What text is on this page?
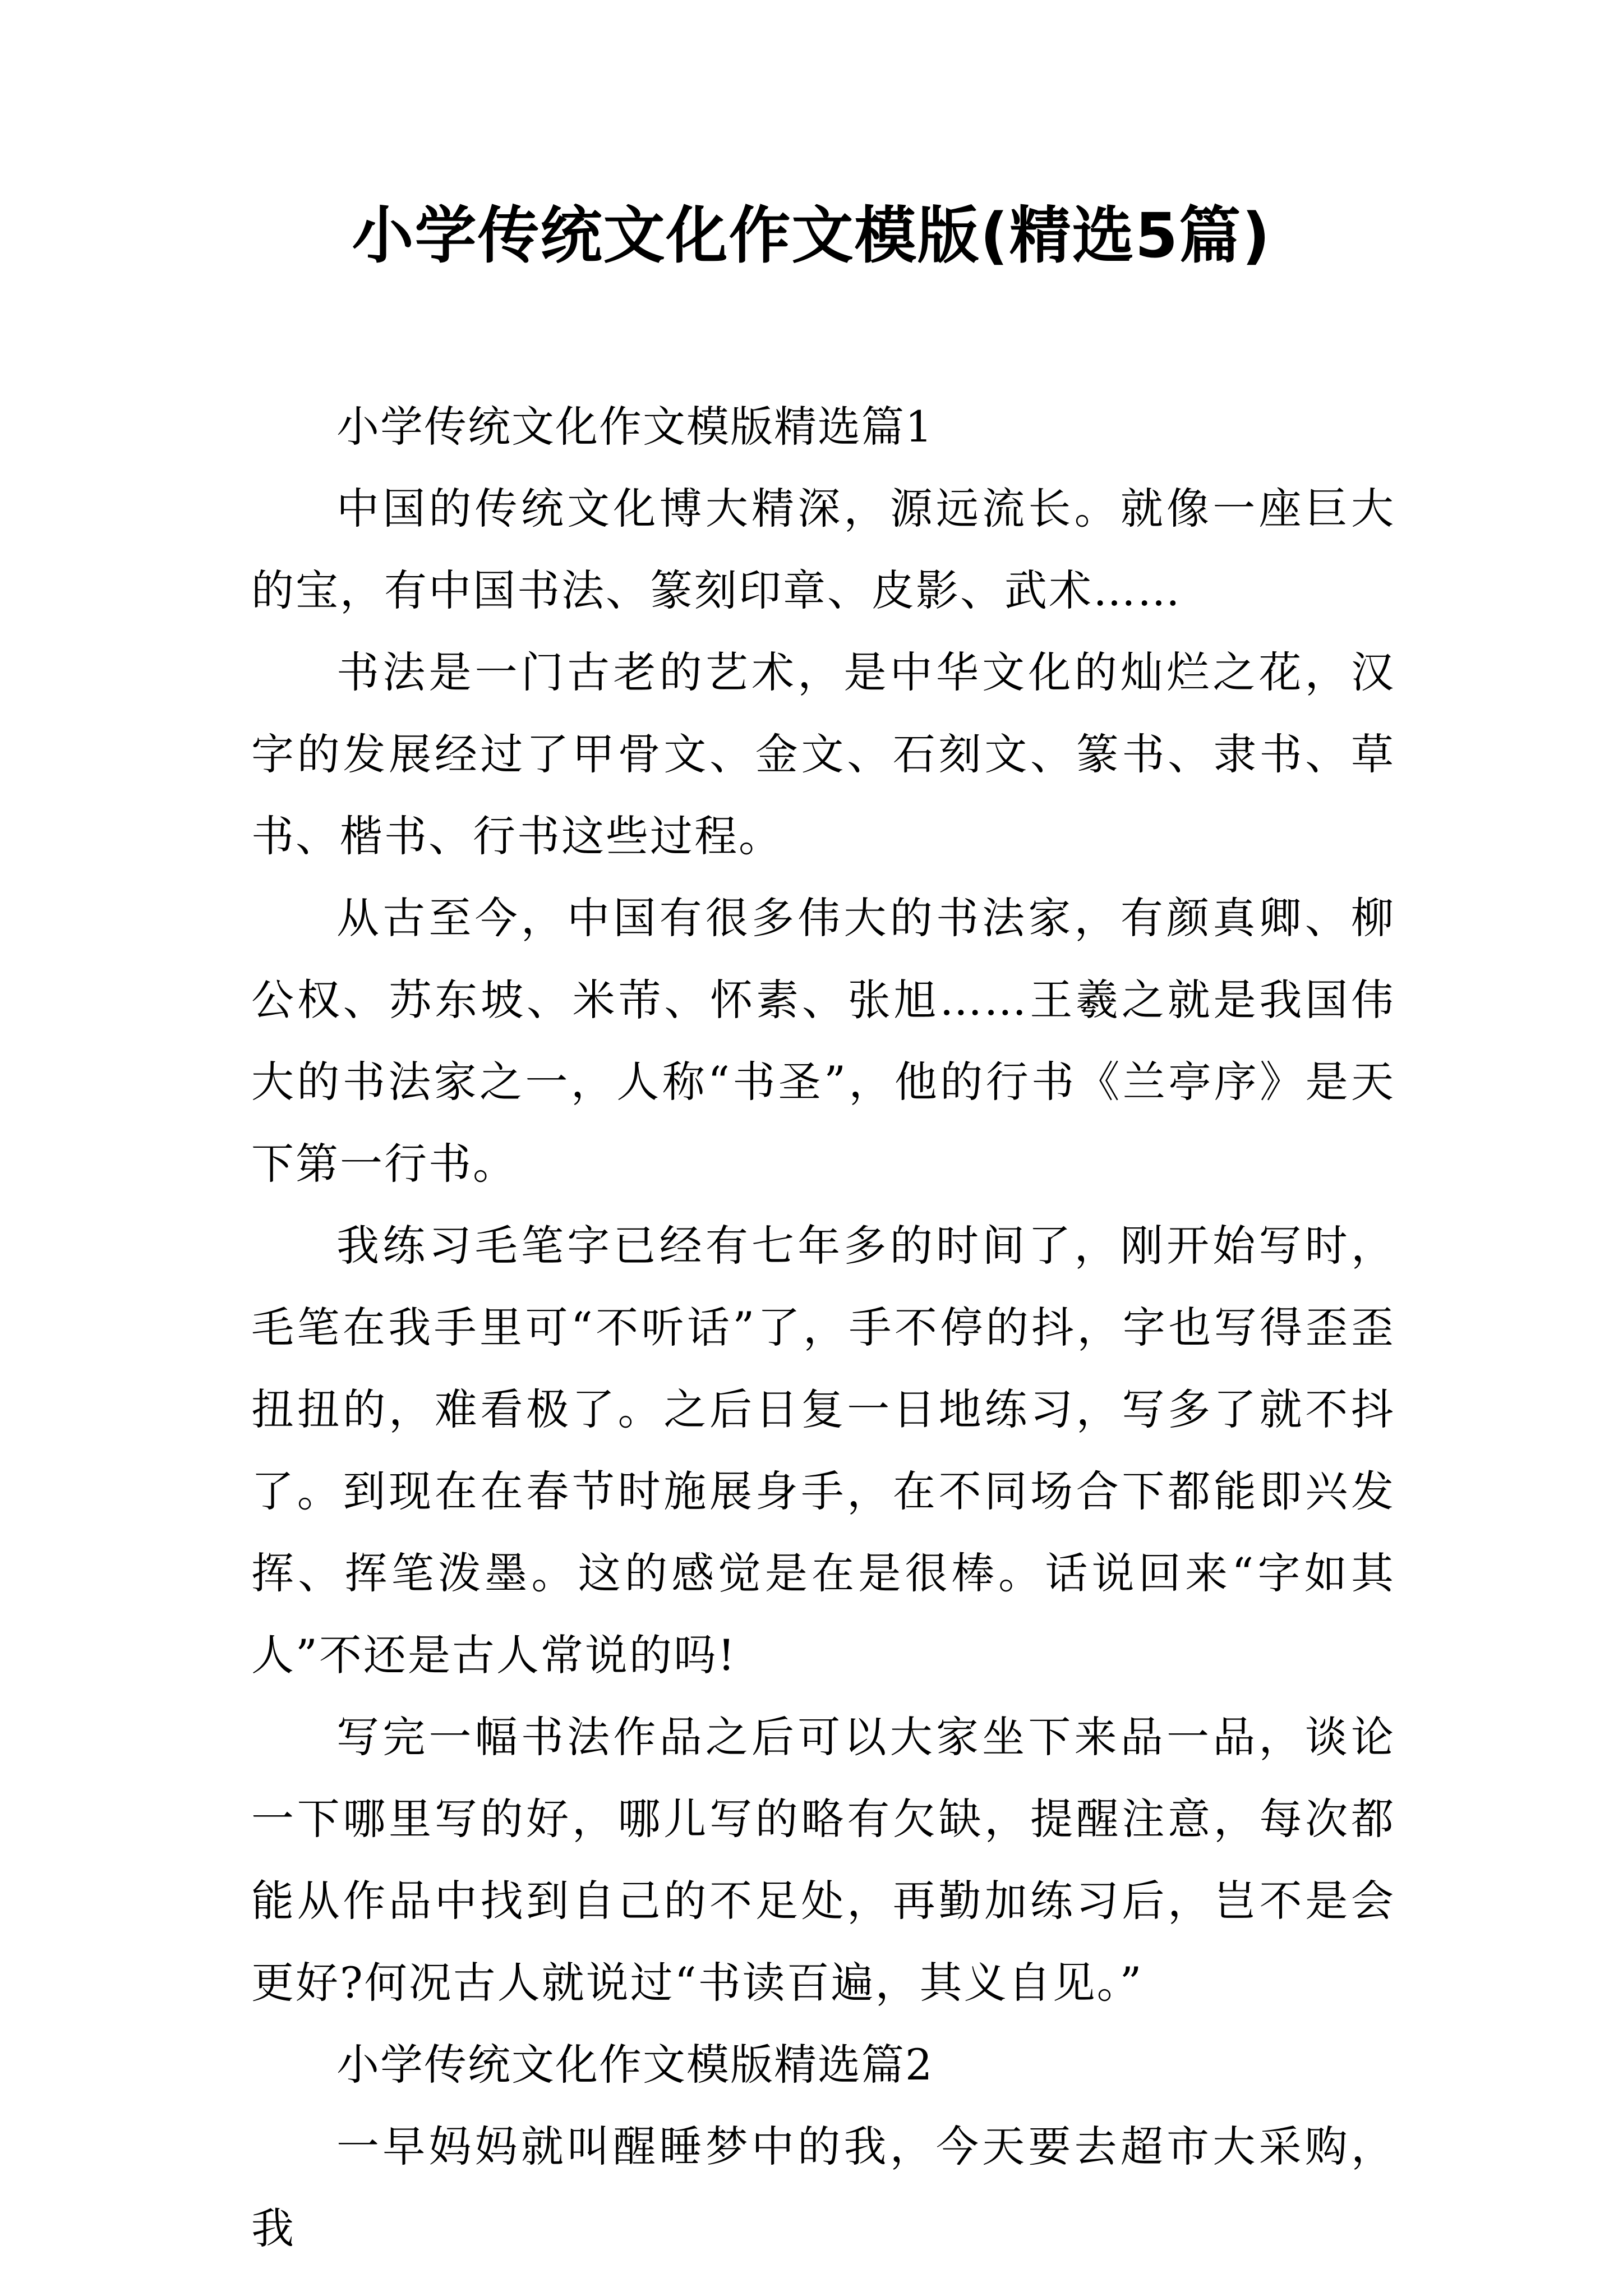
小学传统文化作文模版(精选5篇)

小学传统文化作文模版精选篇1

中国的传统文化博大精深，源远流长。就像一座巨大的宝，有中国书法、篆刻印章、皮影、武术……

书法是一门古老的艺术，是中华文化的灿烂之花，汉字的发展经过了甲骨文、金文、石刻文、篆书、隶书、草书、楷书、行书这些过程。

从古至今，中国有很多伟大的书法家，有颜真卿、柳公权、苏东坡、米芾、怀素、张旭……王羲之就是我国伟大的书法家之一，人称“书圣”，他的行书《兰亭序》是天下第一行书。

我练习毛笔字已经有七年多的时间了，刚开始写时，毛笔在我手里可“不听话”了，手不停的抖，字也写得歪歪扭扭的，难看极了。之后日复一日地练习，写多了就不抖了。到现在在春节时施展身手，在不同场合下都能即兴发挥、挥笔泼墨。这的感觉是在是很棒。话说回来“字如其人”不还是古人常说的吗!

写完一幅书法作品之后可以大家坐下来品一品，谈论一下哪里写的好，哪儿写的略有欠缺，提醒注意，每次都能从作品中找到自己的不足处，再勤加练习后，岂不是会更好?何况古人就说过“书读百遍，其义自见。”

小学传统文化作文模版精选篇2

一早妈妈就叫醒睡梦中的我，今天要去超市大采购，我
